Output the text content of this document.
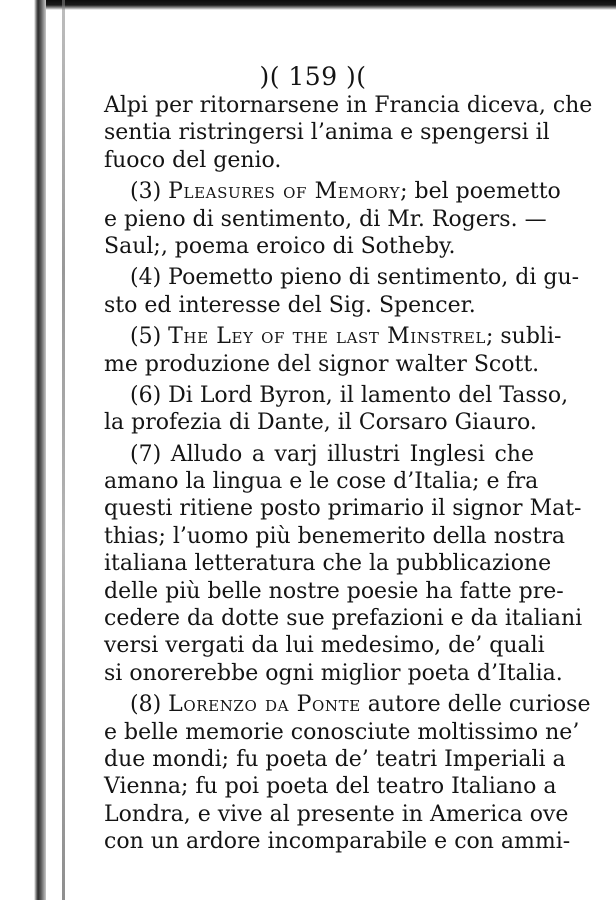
)( 159 )(
Alpi per ritornarsene in Francia diceva, che
sentia ristringersi l’anima e spengersi il
fuoco del genio.
(3) Pleasures of Memory; bel poemetto
e pieno di sentimento, di Mr. Rogers. —
Saul;‚ poema eroico di Sotheby.
(4) Poemetto pieno di sentimento, di gu-
sto ed interesse del Sig. Spencer.
(5) The Ley of the last Minstrel; subli-
me produzione del signor walter Scott.
(6) Di Lord Byron, il lamento del Tasso,
la profezia di Dante, il Corsaro Giauro.
(7) Alludo a varj illustri Inglesi che
amano la lingua e le cose d’Italia; e fra
questi ritiene posto primario il signor Mat-
thias; l’uomo più benemerito della nostra
italiana letteratura che la pubblicazione
delle più belle nostre poesie ha fatte pre-
cedere da dotte sue prefazioni e da italiani
versi vergati da lui medesimo, de’ quali
si onorerebbe ogni miglior poeta d’Italia.
(8) Lorenzo da Ponte autore delle curiose
e belle memorie conosciute moltissimo ne’
due mondi; fu poeta de’ teatri Imperiali a
Vienna; fu poi poeta del teatro Italiano a
Londra, e vive al presente in America ove
con un ardore incomparabile e con ammi-
